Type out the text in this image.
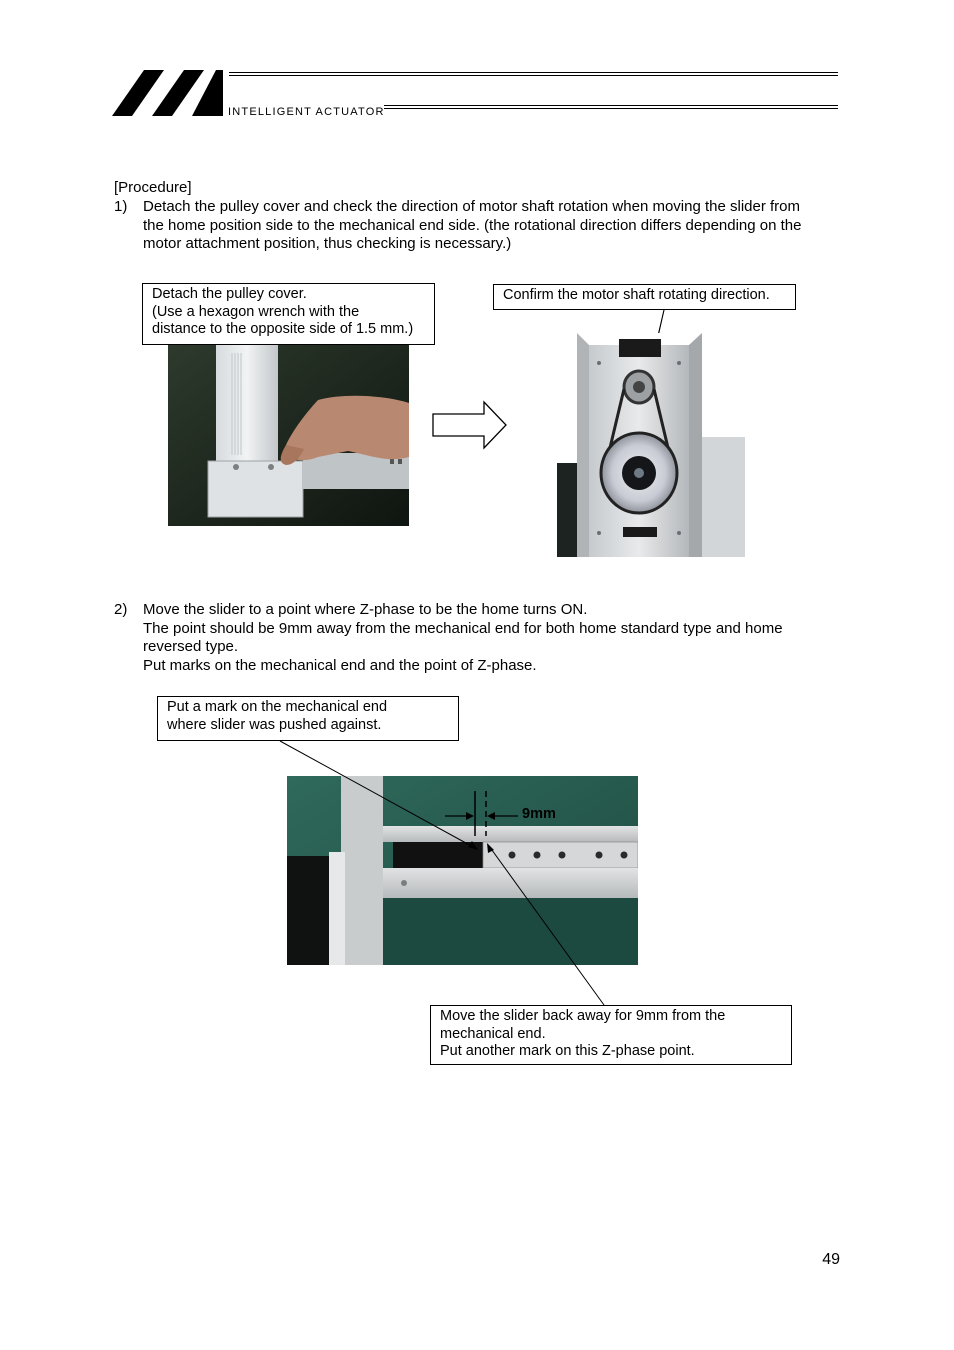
INTELLIGENT ACTUATOR
[Procedure]
1) Detach the pulley cover and check the direction of motor shaft rotation when moving the slider from
the home position side to the mechanical end side. (the rotational direction differs depending on the
motor attachment position, thus checking is necessary.)
Detach the pulley cover.
(Use a hexagon wrench with the
distance to the opposite side of 1.5 mm.)
Confirm the motor shaft rotating direction.
2) Move the slider to a point where Z-phase to be the home turns ON.
The point should be 9mm away from the mechanical end for both home standard type and home
reversed type.
Put marks on the mechanical end and the point of Z-phase.
Put a mark on the mechanical end
where slider was pushed against.
9mm
Move the slider back away for 9mm from the
mechanical end.
Put another mark on this Z-phase point.
49
